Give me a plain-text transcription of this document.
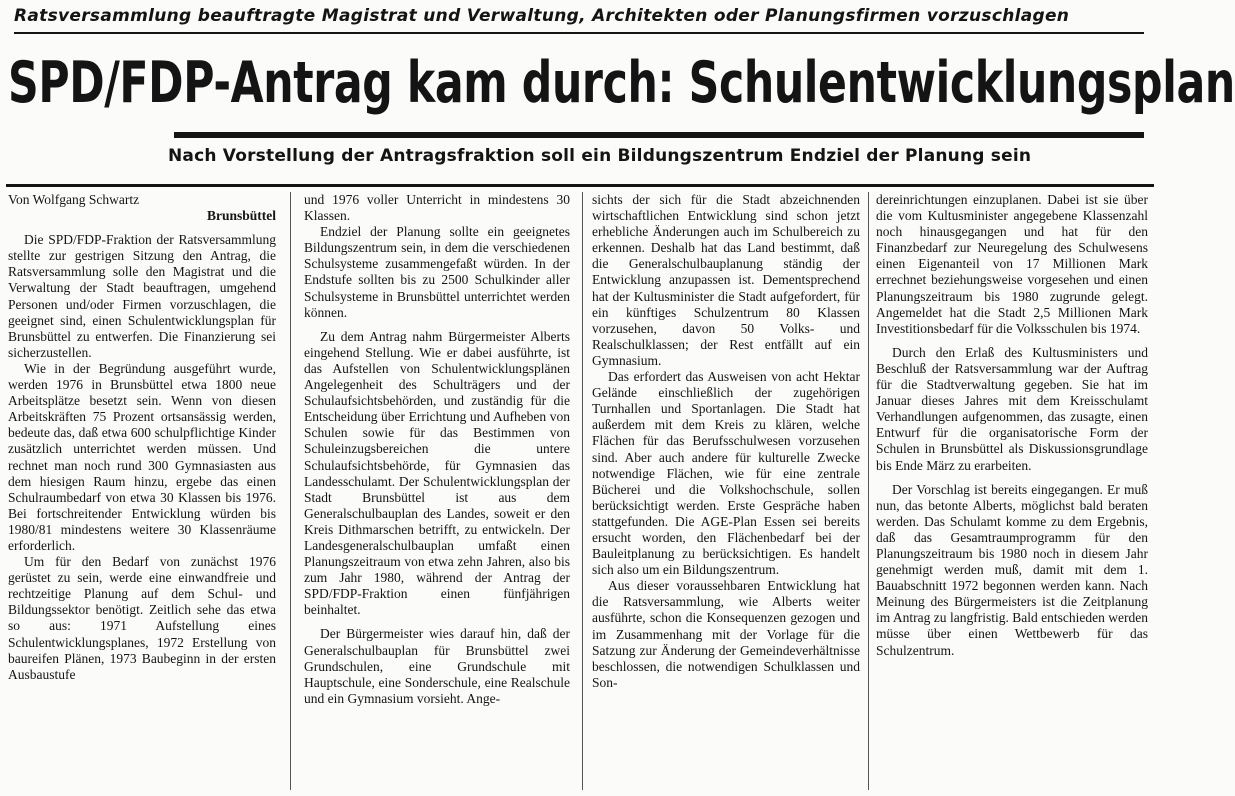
Ratsversammlung beauftragte Magistrat und Verwaltung, Architekten oder Planungsfirmen vorzuschlagen
SPD/FDP-Antrag kam durch: Schulentwicklungsplan
Nach Vorstellung der Antragsfraktion soll ein Bildungszentrum Endziel der Planung sein

Von Wolfgang Schwartz

Brunsbüttel

Die SPD/FDP-Fraktion der Ratsversammlung stellte zur gestrigen Sitzung den Antrag, die Ratsversammlung solle den Magistrat und die Verwaltung der Stadt beauftragen, umgehend Personen und/oder Firmen vorzuschlagen, die geeignet sind, einen Schulentwicklungsplan für Brunsbüttel zu entwerfen. Die Finanzierung sei sicherzustellen.

Wie in der Begründung ausgeführt wurde, werden 1976 in Brunsbüttel etwa 1800 neue Arbeitsplätze besetzt sein. Wenn von diesen Arbeitskräften 75 Prozent ortsansässig werden, bedeute das, daß etwa 600 schulpflichtige Kinder zusätzlich unterrichtet werden müssen. Und rechnet man noch rund 300 Gymnasiasten aus dem hiesigen Raum hinzu, ergebe das einen Schulraumbedarf von etwa 30 Klassen bis 1976. Bei fortschreitender Entwicklung würden bis 1980/81 mindestens weitere 30 Klassenräume erforderlich.

Um für den Bedarf von zunächst 1976 gerüstet zu sein, werde eine einwandfreie und rechtzeitige Planung auf dem Schul- und Bildungssektor benötigt. Zeitlich sehe das etwa so aus: 1971 Aufstellung eines Schulentwicklungsplanes, 1972 Erstellung von baureifen Plänen, 1973 Baubeginn in der ersten Ausbaustufe

und 1976 voller Unterricht in mindestens 30 Klassen.

Endziel der Planung sollte ein geeignetes Bildungszentrum sein, in dem die verschiedenen Schulsysteme zusammengefaßt würden. In der Endstufe sollten bis zu 2500 Schulkinder aller Schulsysteme in Brunsbüttel unterrichtet werden können.

Zu dem Antrag nahm Bürgermeister Alberts eingehend Stellung. Wie er dabei ausführte, ist das Aufstellen von Schulentwicklungsplänen Angelegenheit des Schulträgers und der Schulaufsichtsbehörden, und zuständig für die Entscheidung über Errichtung und Aufheben von Schulen sowie für das Bestimmen von Schuleinzugsbereichen die untere Schulaufsichtsbehörde, für Gymnasien das Landesschulamt. Der Schulentwicklungsplan der Stadt Brunsbüttel ist aus dem Generalschulbauplan des Landes, soweit er den Kreis Dithmarschen betrifft, zu entwickeln. Der Landesgeneralschulbauplan umfaßt einen Planungszeitraum von etwa zehn Jahren, also bis zum Jahr 1980, während der Antrag der SPD/FDP-Fraktion einen fünfjährigen beinhaltet.

Der Bürgermeister wies darauf hin, daß der Generalschulbauplan für Brunsbüttel zwei Grundschulen, eine Grundschule mit Hauptschule, eine Sonderschule, eine Realschule und ein Gymnasium vorsieht. Ange-

sichts der sich für die Stadt abzeichnenden wirtschaftlichen Entwicklung sind schon jetzt erhebliche Änderungen auch im Schulbereich zu erkennen. Deshalb hat das Land bestimmt, daß die Generalschulbauplanung ständig der Entwicklung anzupassen ist. Dementsprechend hat der Kultusminister die Stadt aufgefordert, für ein künftiges Schulzentrum 80 Klassen vorzusehen, davon 50 Volks- und Realschulklassen; der Rest entfällt auf ein Gymnasium.

Das erfordert das Ausweisen von acht Hektar Gelände einschließlich der zugehörigen Turnhallen und Sportanlagen. Die Stadt hat außerdem mit dem Kreis zu klären, welche Flächen für das Berufsschulwesen vorzusehen sind. Aber auch andere für kulturelle Zwecke notwendige Flächen, wie für eine zentrale Bücherei und die Volkshochschule, sollen berücksichtigt werden. Erste Gespräche haben stattgefunden. Die AGE-Plan Essen sei bereits ersucht worden, den Flächenbedarf bei der Bauleitplanung zu berücksichtigen. Es handelt sich also um ein Bildungszentrum.

Aus dieser voraussehbaren Entwicklung hat die Ratsversammlung, wie Alberts weiter ausführte, schon die Konsequenzen gezogen und im Zusammenhang mit der Vorlage für die Satzung zur Änderung der Gemeindeverhältnisse beschlossen, die notwendigen Schulklassen und Son-

dereinrichtungen einzuplanen. Dabei ist sie über die vom Kultusminister angegebene Klassenzahl noch hinausgegangen und hat für den Finanzbedarf zur Neuregelung des Schulwesens einen Eigenanteil von 17 Millionen Mark errechnet beziehungsweise vorgesehen und einen Planungszeitraum bis 1980 zugrunde gelegt. Angemeldet hat die Stadt 2,5 Millionen Mark Investitionsbedarf für die Volksschulen bis 1974.

Durch den Erlaß des Kultusministers und Beschluß der Ratsversammlung war der Auftrag für die Stadtverwaltung gegeben. Sie hat im Januar dieses Jahres mit dem Kreisschulamt Verhandlungen aufgenommen, das zusagte, einen Entwurf für die organisatorische Form der Schulen in Brunsbüttel als Diskussionsgrundlage bis Ende März zu erarbeiten.

Der Vorschlag ist bereits eingegangen. Er muß nun, das betonte Alberts, möglichst bald beraten werden. Das Schulamt komme zu dem Ergebnis, daß das Gesamtraumprogramm für den Planungszeitraum bis 1980 noch in diesem Jahr genehmigt werden muß, damit mit dem 1. Bauabschnitt 1972 begonnen werden kann. Nach Meinung des Bürgermeisters ist die Zeitplanung im Antrag zu langfristig. Bald entschieden werden müsse über einen Wettbewerb für das Schulzentrum.
